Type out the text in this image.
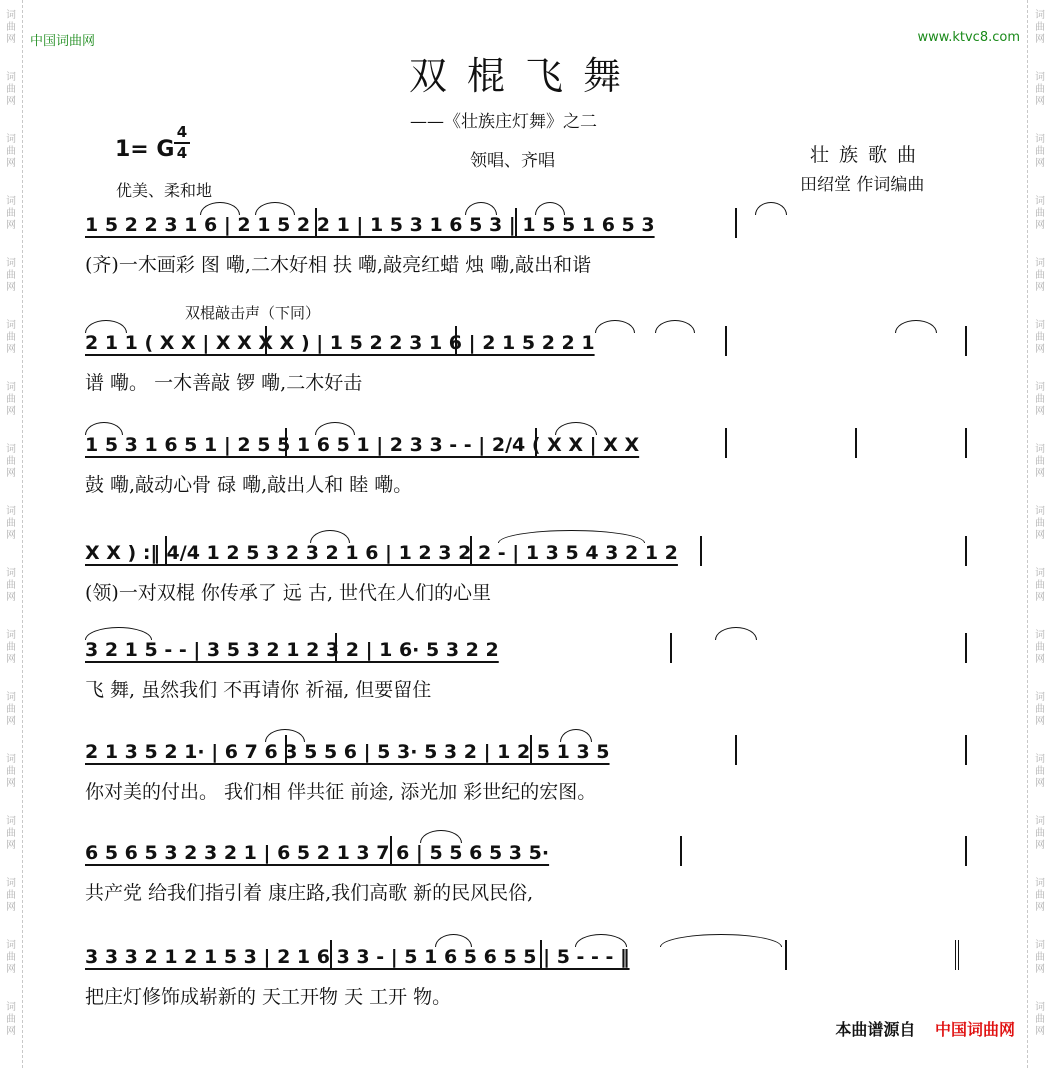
词曲网
词曲网
词曲网
词曲网
词曲网
词曲网
词曲网
词曲网
词曲网
词曲网
词曲网
词曲网
词曲网
词曲网
词曲网
词曲网
词曲网
词曲网
词曲网
词曲网
词曲网
词曲网
词曲网
词曲网
词曲网
词曲网
词曲网
词曲网
词曲网
词曲网
词曲网
词曲网
词曲网
词曲网
中国词曲网	www.ktvc8.com
双棍飞舞
——《壮族庄灯舞》之二
1= G
4
4	领唱、齐唱	壮族歌曲
田绍堂 作词编曲
优美、柔和地
双棍敲击声（下同）
1 5 2 2 3 1 6 | 2 1 5 2 2 1 | 1 5 3 1 6 5 3 | 1 5 5 1 6 5 3
(齐)一木画彩 图 嘞,二木好相 扶 嘞,敲亮红蜡 烛 嘞,敲出和谐
2 1 1 ( X X | X X X X ) | 1 5 2 2 3 1 6 | 2 1 5 2 2 1
谱 嘞。 一木善敲 锣 嘞,二木好击
1 5 3 1 6 5 1 | 2 5 5 1 6 5 1 | 2 3 3 - - | 2/4 ( X X | X X
鼓 嘞,敲动心骨 碌 嘞,敲出人和 睦 嘞。
X X ) :‖ 4/4 1 2 5 3 2 3 2 1 6 | 1 2 3 2 2 - | 1 3 5 4 3 2 1 2
(领)一对双棍 你传承了 远 古, 世代在人们的心里
3 2 1 5 - - | 3 5 3 2 1 2 3 2 | 1 6· 5 3 2 2
飞 舞, 虽然我们 不再请你 祈福, 但要留住
2 1 3 5 2 1· | 6 7 6 3 5 5 6 | 5 3· 5 3 2 | 1 2 5 1 3 5
你对美的付出。 我们相 伴共征 前途, 添光加 彩世纪的宏图。
6 5 6 5 3 2 3 2 1 | 6 5 2 1 3 7 6 | 5 5 6 5 3 5·
共产党 给我们指引着 康庄路,我们高歌 新的民风民俗,
3 3 3 2 1 2 1 5 3 | 2 1 6 3 3 - | 5 1 6 5 6 5 5 | 5 - - - ‖
把庄灯修饰成崭新的 天工开物 天 工开 物。
本曲谱源自 中国词曲网
